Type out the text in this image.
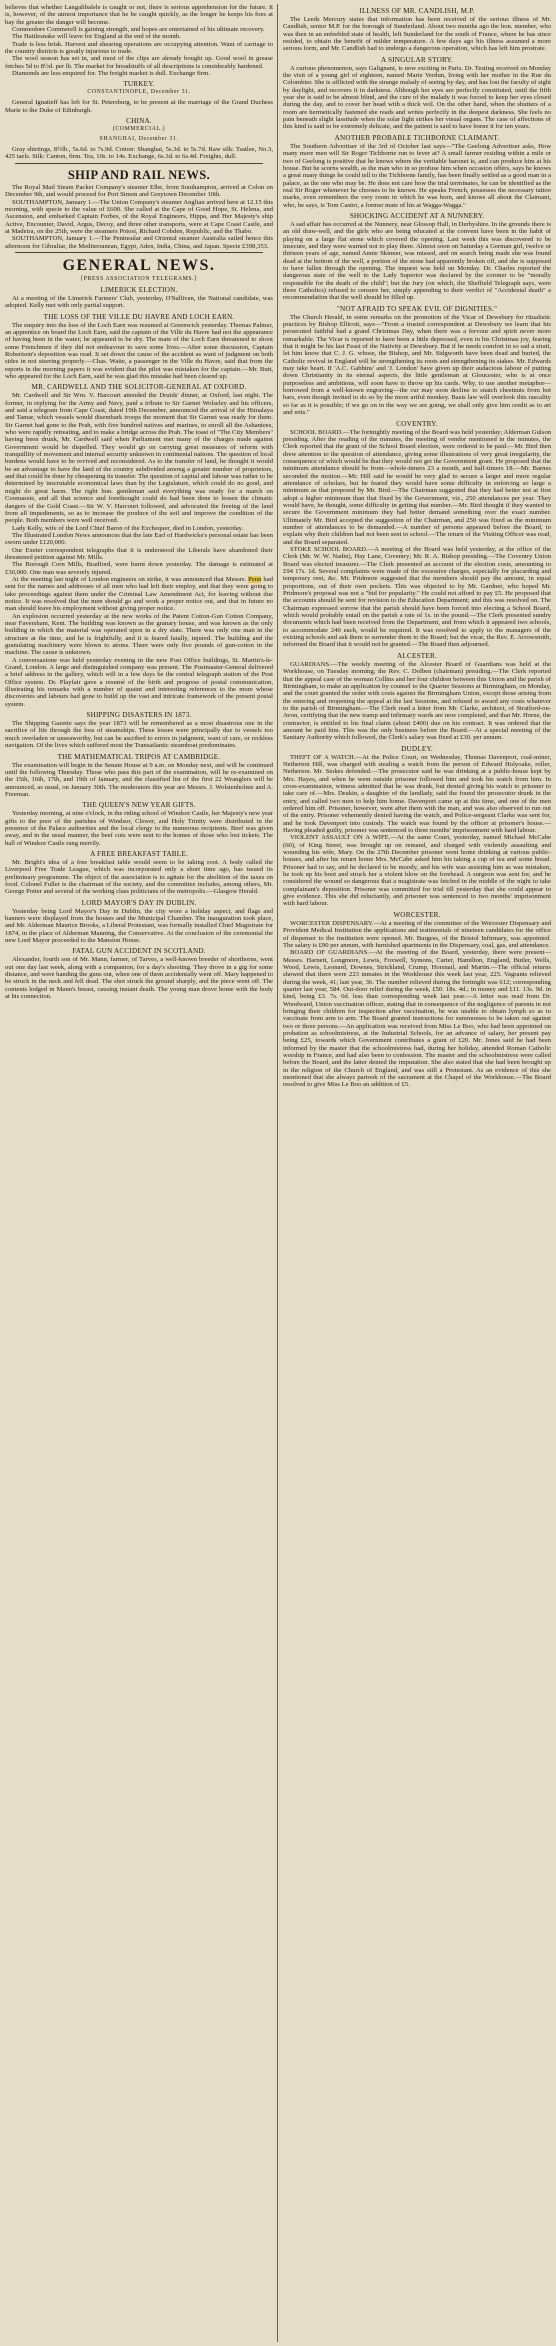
believes that whether Langalibalele is caught or not, there is serious apprehension for the future. It is, however, of the utmost importance that he be caught quickly, as the longer he keeps his foes at bay the greater the danger will become.

Commodore Commerell is gaining strength, and hopes are entertained of his ultimate recovery.

The Hattlesnake will leave for England at the end of the month.

Trade is less brisk. Harvest and shearing operations are occupying attention. Want of carriage to the country districts is greatly injurious to trade.

The wool season has set in, and most of the clips are already bought up. Good wool in grease fetches 5d to 8½d. per lb. The market for breadstuffs of all descriptions is considerably hardened.

Diamonds are less enquired for. The freight market is dull. Exchange firm.

TURKEY.
CONSTANTINOPLE, December 31.

General Ignatieff has left for St. Petersburg, to be present at the marriage of the Grand Duchess Marie to the Duke of Edinburgh.

CHINA.
(COMMERCIAL.)
SHANGHAI, December 31.

Gray shirtings, 8½lb., 5s.6d. to 7s.9d. Cotton: Shanghai, 5s.3d. to 5s.7d. Raw silk: Tsatlee, No.3, 425 taels. Silk: Canton, firm. Tea, 10s. to 14s. Exchange, 6s.3d. to 6s.4d. Freights, dull.

SHIP AND RAIL NEWS.

The Royal Mail Steam Packet Company's steamer Elbe, from Southampton, arrived at Colon on December 9th, and would proceed for Port Simon and Greytown December 10th.

SOUTHAMPTON, January 1.—The Union Company's steamer Anglian arrived here at 12.15 this morning, with specie to the value of £600. She called at the Cape of Good Hope, St. Helena, and Ascension, and embarked Captain Forbes, of the Royal Engineers, Hippa, and Her Majesty's ship Active, Encounter, David, Argus, Decoy, and three other transports, were at Cape Coast Castle, and at Madeira, on the 25th, were the steamers Potosi, Richard Cobden, Republic, and the Thabo.

SOUTHAMPTON, January 1.—The Peninsular and Oriental steamer Australia sailed hence this afternoon for Gibraltar, the Mediterranean, Egypt, Aden, India, China, and Japan. Specie £398,353.

GENERAL NEWS.
[PRESS ASSOCIATION TELEGRAMS.]
LIMERICK ELECTION.

At a meeting of the Limerick Farmers' Club, yesterday, O'Sullivan, the National candidate, was adopted. Kelly met with only partial support.

THE LOSS OF THE VILLE DU HAVRE AND LOCH EARN.

The enquiry into the loss of the Loch Earn was resumed at Greenwich yesterday. Thomas Palmer, an apprentice on board the Loch Earn, said the captain of the Ville du Havre had not the appearance of having been in the water; he appeared to be dry. The mate of the Loch Earn threatened to shoot some Frenchmen if they did not endeavour to save some lives.—After some discussion, Captain Robertson's deposition was read. It set down the cause of the accident as want of judgment on both sides in not steering properly.—Chas. Waite, a passenger in the Ville du Havre, said that from the reports in the morning papers it was evident that the pilot was mistaken for the captain.—Mr. Butt, who appeared for the Loch Earn, said he was glad this mistake had been cleared up.

MR. CARDWELL AND THE SOLICITOR-GENERAL AT OXFORD.

Mr. Cardwell and Sir Wm. V. Harcourt attended the Druids' dinner, at Oxford, last night. The former, in replying for the Army and Navy, paid a tribute to Sir Garnet Wolseley and his officers, and said a telegram from Cape Coast, dated 19th December, announced the arrival of the Himalaya and Tamar, which vessels would disembark troops the moment that Sir Garnet was ready for them. Sir Garnet had gone to the Prah, with five hundred natives and marines, to enroll all the Ashantees, who were rapidly retreating, and to make a bridge across the Prah. The toast of "The City Members" having been drunk, Mr. Cardwell said when Parliament met many of the charges made against Government would be dispelled. They would go on carrying great measures of reform with tranquillity of movement and internal security unknown in continental nations. The question of local burdens would have to be revived and reconsidered. As to the transfer of land, he thought it would be an advantage to have the land of the country subdivided among a greater number of proprietors, and that could be done by cheapening its transfer. The question of capital and labour was rather to be determined by inscrutable economical laws than by the Legislature, which could do no good, and might do great harm. The right hon. gentleman said everything was ready for a march on Coomassie, and all that science and forethought could do had been done to lessen the climatic dangers of the Gold Coast.—Sir W. V. Harcourt followed, and advocated the freeing of the land from all impediments, so as to increase the produce of the soil and improve the condition of the people. Both members were well received.

Lady Kelly, wife of the Lord Chief Baron of the Exchequer, died in London, yesterday.

The Illustrated London News announces that the late Earl of Hardwicke's personal estate has been sworn under £120,000.

Our Exeter correspondent telegraphs that it is understood the Liberals have abandoned their threatened petition against Mr. Mills.

The Borough Corn Mills, Bradford, were burnt down yesterday. The damage is estimated at £30,000. One man was severely injured.

At the meeting last night of London engineers on strike, it was announced that Messrs. Penn had sent for the names and addresses of all men who had left their employ, and that they were going to take proceedings against them under the Criminal Law Amendment Act, for leaving without due notice. It was resolved that the men should go and work a proper notice out, and that in future no man should leave his employment without giving proper notice.

An explosion occurred yesterday at the new works of the Patent Cotton-Gun Cotton Company, near Faversham, Kent. The building was known as the granary house, and was known as the only building in which the material was operated upon in a dry state. There was only one man in the structure at the time, and he is frightfully, and it is feared fatally, injured. The building and the granulating machinery were blown to atoms. There were only five pounds of gun-cotton in the machine. The cause is unknown.

A conversazione was held yesterday evening in the new Post Office buildings, St. Martin's-le-Grand, London. A large and distinguished company was present. The Postmaster-General delivered a brief address in the gallery, which will in a few days be the central telegraph station of the Post Office system. Dr. Playfair gave a resumé of the birth and progress of postal communication, illustrating his remarks with a number of quaint and interesting references to the more whose discoveries and labours had gone to build up the vast and intricate framework of the present postal system.

SHIPPING DISASTERS IN 1873.

The Shipping Gazette says the year 1873 will be remembered as a most disastrous one in the sacrifice of life through the loss of steamships. These losses were principally due to vessels too much overladen or unseaworthy, but can be ascribed to errors in judgment, want of care, or reckless navigation. Of the lives which suffered most the Transatlantic steamboat predominates.

THE MATHEMATICAL TRIPOS AT CAMBRIDGE.

The examination will begin in the Senate House at 9 a.m. on Monday next, and will be continued until the following Thursday. Those who pass this part of the examination, will be re-examined on the 15th, 16th, 17th, and 19th of January, and the classified list of the first 22 Wranglers will be announced, as usual, on January 30th. The moderators this year are Messrs. J. Wolstenholme and A. Freeman.

THE QUEEN'S NEW YEAR GIFTS.

Yesterday morning, at nine o'clock, in the riding school of Windsor Castle, her Majesty's new year gifts to the poor of the parishes of Windsor, Clewer, and Holy Trinity were distributed in the presence of the Palace authorities and the local clergy to the numerous recipients. Beef was given away, and in the usual manner, the beef cuts were sent to the homes of those who lost tickets. The hall of Windsor Castle rang merrily.

A FREE BREAKFAST TABLE.

Mr. Bright's idea of a free breakfast table would seem to be taking root. A body called the Liverpool Free Trade League, which was incorporated only a short time ago, has issued its preliminary programme. The object of the association is to agitate for the abolition of the taxes on food. Colonel Fuller is the chairman of the society, and the committee includes, among others, Mr. George Potter and several of the working class politicians of the metropolis.—Glasgow Herald.

LORD MAYOR'S DAY IN DUBLIN.

Yesterday being Lord Mayor's Day in Dublin, the city wore a holiday aspect, and flags and banners were displayed from the houses and the Municipal Chamber. The inauguration took place, and Mr. Alderman Maurice Brooks, a Liberal Protestant, was formally installed Chief Magistrate for 1874, in the place of Alderman Manning, the Conservative. At the conclusion of the ceremonial the new Lord Mayor proceeded to the Mansion House.

FATAL GUN ACCIDENT IN SCOTLAND.

Alexander, fourth son of Mr. Mann, farmer, of Tarves, a well-known breeder of shorthorns, went out one day last week, along with a companion, for a day's shooting. They drove in a gig for some distance, and were handing the guns out, when one of them accidentally went off. Mary happened to be struck in the neck and fell dead. The shot struck the ground sharply, and the piece went off. The contents lodged in Mann's breast, causing instant death. The young man drove home with the body at his connection.

ILLNESS OF MR. CANDLISH, M.P.

The Leeds Mercury states that information has been received of the serious illness of Mr. Candlish, senior M.P. for the borough of Sunderland. About two months ago the hon. member, who was then in an enfeebled state of health, left Sunderland for the south of France, where he has since resided, to obtain the benefit of milder temperature. A few days ago his illness assumed a more serious form, and Mr. Candlish had to undergo a dangerous operation, which has left him prostrate.

A SINGULAR STORY.

A curious phenomenon, says Galignani, is now exciting in Paris. Dr. Testing received on Monday the visit of a young girl of eighteen, named Marie Verdun, living with her mother in the Rue du Colombier. She is afflicted with the strange malady of seeing by day, and has lost the faculty of sight by daylight, and recovers it in darkness. Although her eyes are perfectly constituted, until the fifth year she is said to be almost blind, and the cure of the malady it was forced to keep her eyes closed during the day, and to cover her head with a thick veil. On the other hand, when the shutters of a room are hermetically fastened she reads and writes perfectly in the deepest darkness. She feels no pain beneath slight lassitude when the solar light strikes her visual organs. The case of affections of this kind is said to be extremely delicate, and the patient is said to have borne it for ten years.

ANOTHER PROBABLE TICHBORNE CLAIMANT.

The Southern Advertiser of the 3rd of October last says—"The Geelong Advertiser asks, How many more men will Sir Roger Tichborne run to fever at? A small farmer residing within a mile or two of Geelong is positive that he knows where the veritable baronet is, and can produce him at his house. But he scorns wealth, as the man who in so profuse him when occasion offers, says he knows a great many things he could tell to the Tichborne family, has been finally settled as a good man in a palace, as the one who may be. He does not care how the trial terminates, he can be identified as the real Sir Roger whenever he chooses to be known. He speaks French, possesses the necessary tattoo marks, even remembers the very room in which he was born, and knows all about the Claimant, who, he says, is Tom Castro, a former mate of his at Wagga-Wagga."

SHOCKING ACCIDENT AT A NUNNERY.

A sad affair has occurred at the Nunnery, near Glossop Hall, in Derbyshire. In the grounds there is an old draw-well, and the girls who are being educated at the convent have been in the habit of playing on a large flat stone which covered the opening. Last week this was discovered to be insecure, and they were warned not to play there. Almost soon on Saturday a German girl, twelve or thirteen years of age, named Annie Skinner, was missed, and on search being made she was found dead at the bottom of the well, a portion of the stone had apparently broken off, and she is supposed to have fallen through the opening. The inquest was held on Monday. Dr. Charles reported the dangerous state of the well to the Lady Superior was declared by the coroner to be "morally responsible for the death of the child"; but the Jury (on which, the Sheffield Telegraph says, were three Catholics) refused to censure her, simply appending to their verdict of "Accidental death" a recommendation that the well should be filled up.

"NOT AFRAID TO SPEAK EVIL OF DIGNITIES."

The Church Herald, in some remarks on the promotion of the Vicar of Dewsbury for ritualistic practices by Bishop Ellicott, says—"From a trusted correspondent at Dewsbury we learn that his persecuted faithful had a grand Christmas Day, when there was a fervour and spirit never more remarkable. The Vicar is reported to have been a little depressed, even in his Christmas joy, fearing that it might be his last Feast of the Nativity at Dewsbury. But if he needs comfort in so sad a strait, let him know that C. J. G. whose, the Bishop, and Mr. Sidgworth have been dead and buried, the Catholic revival in England will be strengthening its roots and strengthening its stakes. Mr. Edwards may take heart. If 'A.C. Gabbins' and 'J. London' have given up their audacious labour of putting down Christianity in its eternal aspects, the little gentleman at Gloucester, who is at once purposeless and ambitious, will soon have to throw up his cards. Why, to use another metaphor—borrowed from a well-known engraving—the cur may soon decline to snatch chestnuts from hot bars, even though invited to do so by the more artful monkey. Basis law will overlook this rascality so far as it is possible; if we go on in the way we are going, we shall only give him credit as to art and wits."

COVENTRY.

SCHOOL BOARD.—The fortnightly meeting of the Board was held yesterday; Alderman Gulson presiding. After the reading of the minutes, the meeting of vendor mentioned in the minutes, the Clerk reported that the grant of the School Board election, were ordered to be paid.—Mr. Bird then drew attention to the question of attendance, giving some illustrations of very great irregularity, the consequence of which would be that they would not get the Government grant. He proposed that the minimum attendance should be from—whole-timers 23 a month, and half-timers 18.—Mr. Barnes seconded the motion.—Mr. Hill said he would be very glad to secure a larger and more regular attendance of scholars, but he feared they would have some difficulty in enforcing so large a minimum as that proposed by Mr. Bird.—The Chairman suggested that they had better not at first adopt a higher minimum than that fixed by the Government, viz., 250 attendances per year. They would have, he thought, some difficulty in getting that number.—Mr. Bird thought if they wanted to secure the Government minimum they had better demand something over the exact number. Ultimately Mr. Bird accepted the suggestion of the Chairman, and 250 was fixed as the minimum number of attendances to be demanded.—A number of persons appeared before the Board, to explain why their children had not been sent to school.—The return of the Visiting Officer was read, and the Board separated.

STOKE SCHOOL BOARD.—A meeting of the Board was held yesterday, at the office of the Clerk (Mr. W. W. Nadin), Hay Lane, Coventry; Mr. R. A. Bishop presiding.—The Coventry Union Board was elected treasurer.—The Clerk presented an account of the election costs, amounting to £94 17s. 1d. Several complaints were made of the excessive charges, especially for placarding and temporary rent, &c. Mr. Pridmore suggested that the members should pay the amount, in equal proportions, out of their own pockets. This was objected to by Mr. Gardner, who hoped Mr. Pridmore's proposal was not a "bid for popularity." He could not afford to pay £5. He proposed that the accounts should be sent for revision to the Education Department; and this was resolved on. The Chairman expressed sorrow that the parish should have been forced into electing a School Board, which would probably entail on the parish a rate of 1s. in the pound.—The Clerk presented sundry documents which had been received from the Department, and from which it appeared two schools, to accommodate 240 each, would be required. It was resolved to apply to the managers of the existing schools and ask them to surrender them to the Board; but the vicar, the Rev. E. Arrowsmith, informed the Board that it would not be granted.—The Board then adjourned.

ALCESTER.

GUARDIANS.—The weekly meeting of the Alcester Board of Guardians was held at the Workhouse, on Tuesday morning; the Rev. C. Dolben (chairman) presiding.—The Clerk reported that the appeal case of the woman Collins and her four children between this Union and the parish of Birmingham, to make an application by counsel to the Quarter Sessions at Birmingham, on Monday, and the court granted the order with costs against the Birmingham Union, except those arising from the entering and reopening the appeal at the last Sessions, and refused to award any costs whatever to the parish of Birmingham.—The Clerk read a letter from Mr. Clarke, architect, of Stratford-on-Avon, certifying that the new tramp and infirmary wards are now completed, and that Mr. Horne, the contractor, is entitled to his final claim (about £400) due on his contract. It was ordered that the amount be paid him. This was the only business before the Board.—At a special meeting of the Sanitary Authority which followed, the Clerk's salary was fixed at £30. per annum.

DUDLEY.

THEFT OF A WATCH.—At the Police Court, on Wednesday, Thomas Davenport, coal-miner, Netherton Hill, was charged with stealing a watch from the person of Edward Holyoake, roller, Netherton. Mr. Stokes defended.—The prosecutor said he was drinking at a public-house kept by Mrs. Hayes, and when he went outside prisoner followed him and took his watch from him. In cross-examination, witness admitted that he was drunk, but denied giving his watch to prisoner to take care of.—Mrs. Deakin, a daughter of the landlady, said the found the prosecutor drunk in the entry, and called two men to help him home. Davenport came up at this time, and one of the men ordered him off. Prisoner, however, went after them with the man, and was also observed to run out of the entry. Prisoner vehemently denied having the watch, and Police-sergeant Clarke was sent for, and he took Davenport into custody. The watch was found by the officer at prisoner's house.—Having pleaded guilty, prisoner was sentenced to three months' imprisonment with hard labour.

VIOLENT ASSAULT ON A WIFE.—At the same Court, yesterday, named Michael McCabe (60), of King Street, was brought up on remand, and charged with violently assaulting and wounding his wife, Mary. On the 27th December prisoner went home drinking at various public-houses, and after his return home Mrs. McCabe asked him his taking a cup of tea and some bread. Prisoner had to say, and he declared to be moody, and his wife was assisting him as was mistaken, he took up his boot and struck her a violent blow on the forehead. A surgeon was sent for, and he considered the wound so dangerous that a magistrate was fetched in the middle of the night to take complainant's deposition. Prisoner was committed for trial till yesterday that she could appear to give evidence. This she did reluctantly, and prisoner was sentenced to two months' imprisonment with hard labour.

WORCESTER.

WORCESTER DISPENSARY.—At a meeting of the committee of the Worcester Dispensary and Provident Medical Institution the applications and testimonials of nineteen candidates for the office of dispenser to the institution were opened. Mr. Burgess, of the Bristol Infirmary, was appointed. The salary is £90 per annum, with furnished apartments in the Dispensary, coal, gas, and attendance.

BOARD OF GUARDIANS.—At the meeting of the Board, yesterday, there were present—Messrs. Harnett, Longmore, Lewis, Foxwell, Symons, Carter, Hamilton, England, Butler, Wells, Wood, Lewis, Leonard, Downes, Strickland, Crump, Horsnail, and Martin.—The official returns showed that there were 223 inmates in the Workhouse this week last year, 225. Vagrants relieved during the week, 41; last year, 36. The number relieved during the fortnight was 612; corresponding quarter last year, 584. Out-door relief during the week, £50. 18s. 4d.; in money and £11. 13s. 9d. in kind, being £3. 7s. 6d. less than corresponding week last year.—A letter was read from Dr. Woodward, Union vaccination officer, stating that in consequence of the negligence of parents in not bringing their children for inspection after vaccination, he was unable to obtain lymph so as to vaccinate from arm to arm. The Board granted instructions for summonses to be taken out against two or three persons.—An application was received from Miss Le Boo, who had been appointed on probation as schoolmistress, at the Industrial Schools, for an advance of salary, her present pay being £25, towards which Government contributes a grant of £20. Mr. Jones said he had been informed by the master that the schoolmistress had, during her holiday, attended Roman Catholic worship in France, and had also been to confession. The master and the schoolmistress were called before the Board, and the latter denied the imputation. She also stated that she had been brought up in the religion of the Church of England, and was still a Protestant. As an evidence of this she mentioned that she always partook of the sacrament at the Chapel of the Workhouse.—The Board resolved to give Miss Le Boo an addition of £5.
